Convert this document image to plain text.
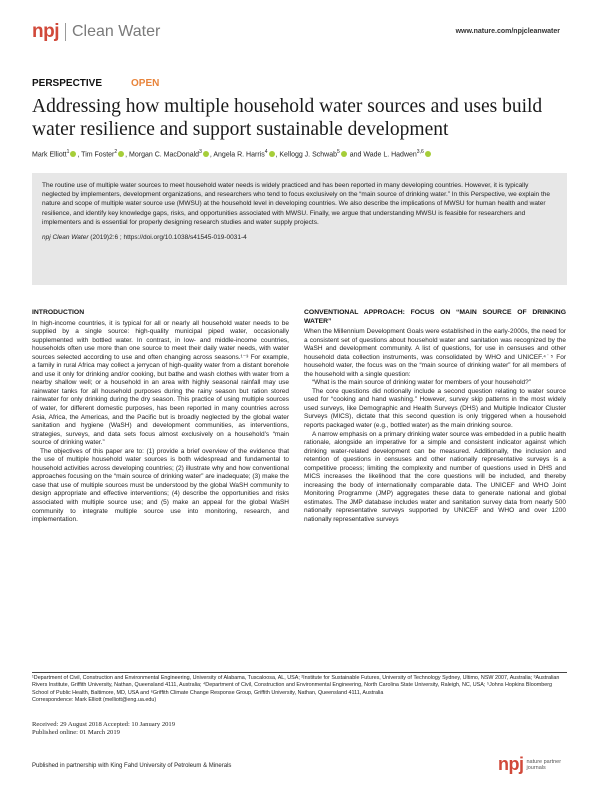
npj Clean Water	www.nature.com/npjcleanwater
PERSPECTIVE	OPEN
Addressing how multiple household water sources and uses build water resilience and support sustainable development
Mark Elliott$^1$ , Tim Foster$^2$ , Morgan C. MacDonald$^3$ , Angela R. Harris$^4$ , Kellogg J. Schwab$^5$ and Wade L. Hadwen$^{3,6}$
The routine use of multiple water sources to meet household water needs is widely practiced and has been reported in many developing countries. However, it is typically neglected by implementers, development organizations, and researchers who tend to focus exclusively on the “main source of drinking water.” In this Perspective, we explain the nature and scope of multiple water source use (MWSU) at the household level in developing countries. We also describe the implications of MWSU for human health and water resilience, and identify key knowledge gaps, risks, and opportunities associated with MWSU. Finally, we argue that understanding MWSU is feasible for researchers and implementers and is essential for properly designing research studies and water supply projects.
npj Clean Water (2019)2:6 ; https://doi.org/10.1038/s41545-019-0031-4
INTRODUCTION

In high-income countries, it is typical for all or nearly all household water needs to be supplied by a single source: high-quality municipal piped water, occasionally supplemented with bottled water. In contrast, in low- and middle-income countries, households often use more than one source to meet their daily water needs, with water sources selected according to use and often changing across seasons.¹⁻³ For example, a family in rural Africa may collect a jerrycan of high-quality water from a distant borehole and use it only for drinking and/or cooking, but bathe and wash clothes with water from a nearby shallow well; or a household in an area with highly seasonal rainfall may use rainwater tanks for all household purposes during the rainy season but ration stored rainwater for only drinking during the dry season. This practice of using multiple sources of water, for different domestic purposes, has been reported in many countries across Asia, Africa, the Americas, and the Pacific but is broadly neglected by the global water sanitation and hygiene (WaSH) and development communities, as interventions, strategies, surveys, and data sets focus almost exclusively on a household’s “main source of drinking water.”

The objectives of this paper are to: (1) provide a brief overview of the evidence that the use of multiple household water sources is both widespread and fundamental to household activities across developing countries; (2) illustrate why and how conventional approaches focusing on the “main source of drinking water” are inadequate; (3) make the case that use of multiple sources must be understood by the global WaSH community to design appropriate and effective interventions; (4) describe the opportunities and risks associated with multiple source use; and (5) make an appeal for the global WaSH community to integrate multiple source use into monitoring, research, and implementation.

CONVENTIONAL APPROACH: FOCUS ON “MAIN SOURCE OF DRINKING WATER”

When the Millennium Development Goals were established in the early-2000s, the need for a consistent set of questions about household water and sanitation was recognized by the WaSH and development community. A list of questions, for use in censuses and other household data collection instruments, was consolidated by WHO and UNICEF.⁴˙⁵ For household water, the focus was on the “main source of drinking water” for all members of the household with a single question:

“What is the main source of drinking water for members of your household?”

The core questions did notionally include a second question relating to water source used for “cooking and hand washing.” However, survey skip patterns in the most widely used surveys, like Demographic and Health Surveys (DHS) and Multiple Indicator Cluster Surveys (MICS), dictate that this second question is only triggered when a household reports packaged water (e.g., bottled water) as the main drinking source.

A narrow emphasis on a primary drinking water source was embedded in a public health rationale, alongside an imperative for a simple and consistent indicator against which drinking water-related development can be measured. Additionally, the inclusion and retention of questions in censuses and other nationally representative surveys is a competitive process; limiting the complexity and number of questions used in DHS and MICS increases the likelihood that the core questions will be included, and thereby increasing the body of internationally comparable data. The UNICEF and WHO Joint Monitoring Programme (JMP) aggregates these data to generate national and global estimates. The JMP database includes water and sanitation survey data from nearly 500 nationally representative surveys supported by UNICEF and WHO and over 1200 nationally representative surveys

¹Department of Civil, Construction and Environmental Engineering, University of Alabama, Tuscaloosa, AL, USA; ²Institute for Sustainable Futures, University of Technology Sydney, Ultimo, NSW 2007, Australia; ³Australian Rivers Institute, Griffith University, Nathan, Queensland 4111, Australia; ⁴Department of Civil, Construction and Environmental Engineering, North Carolina State University, Raleigh, NC, USA; ⁵Johns Hopkins Bloomberg School of Public Health, Baltimore, MD, USA and ⁶Griffith Climate Change Response Group, Griffith University, Nathan, Queensland 4111, Australia
Correspondence: Mark Elliott (melliott@eng.ua.edu)
Received: 29 August 2018 Accepted: 10 January 2019
Published online: 01 March 2019
Published in partnership with King Fahd University of Petroleum & Minerals	npj nature partner journals
